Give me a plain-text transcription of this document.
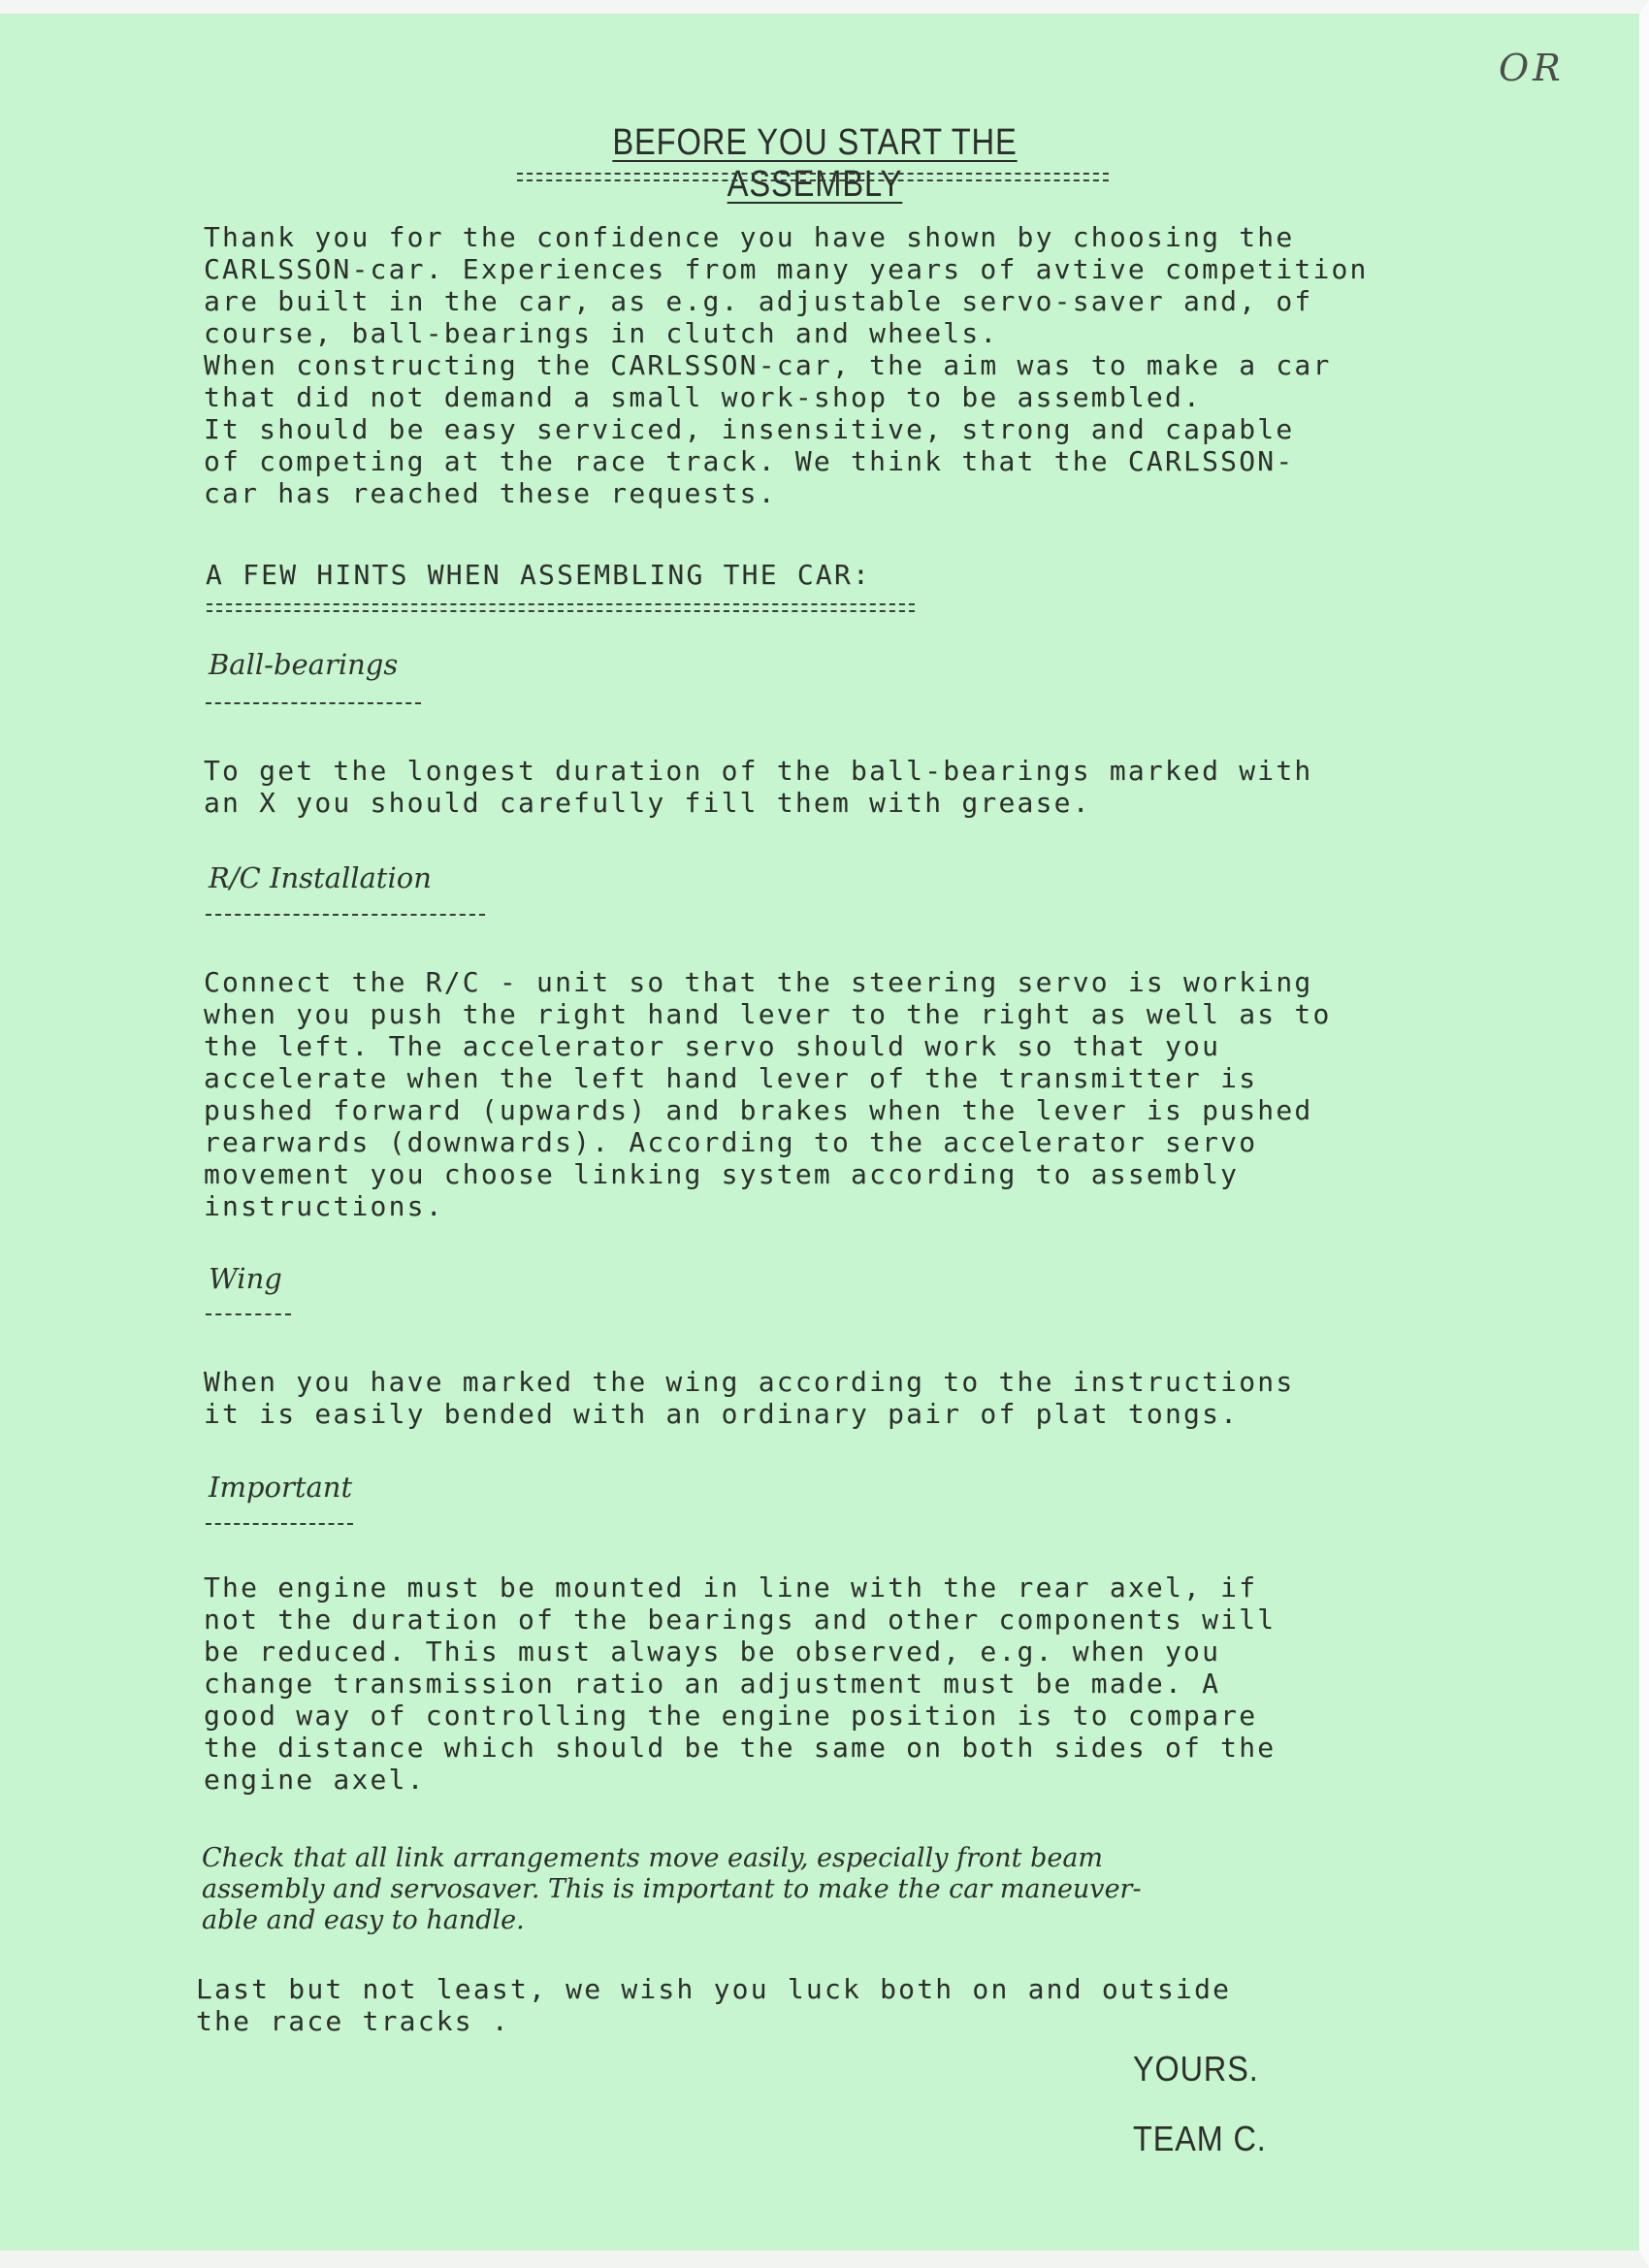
OR
BEFORE YOU START THE ASSEMBLY
Thank you for the confidence you have shown by choosing the
CARLSSON-car. Experiences from many years of avtive competition
are built in the car, as e.g. adjustable servo-saver and, of
course, ball-bearings in clutch and wheels.
When constructing the CARLSSON-car, the aim was to make a car
that did not demand a small work-shop to be assembled.
It should be easy serviced, insensitive, strong and capable
of competing at the race track. We think that the CARLSSON-
car has reached these requests.
A FEW HINTS WHEN ASSEMBLING THE CAR:
Ball-bearings
To get the longest duration of the ball-bearings marked with
an X you should carefully fill them with grease.
R/C Installation
Connect the R/C - unit so that the steering servo is working
when you push the right hand lever to the right as well as to
the left. The accelerator servo should work so that you
accelerate when the left hand lever of the transmitter is
pushed forward (upwards) and brakes when the lever is pushed
rearwards (downwards). According to the accelerator servo
movement you choose linking system according to assembly
instructions.
Wing
When you have marked the wing according to the instructions
it is easily bended with an ordinary pair of plat tongs.
Important
The engine must be mounted in line with the rear axel, if
not the duration of the bearings and other components will
be reduced. This must always be observed, e.g. when you
change transmission ratio an adjustment must be made. A
good way of controlling the engine position is to compare
the distance which should be the same on both sides of the
engine axel.
Check that all link arrangements move easily, especially front beam
assembly and servosaver. This is important to make the car maneuver-
able and easy to handle.
Last but not least, we wish you luck both on and outside
the race tracks .
YOURS.
TEAM C.
